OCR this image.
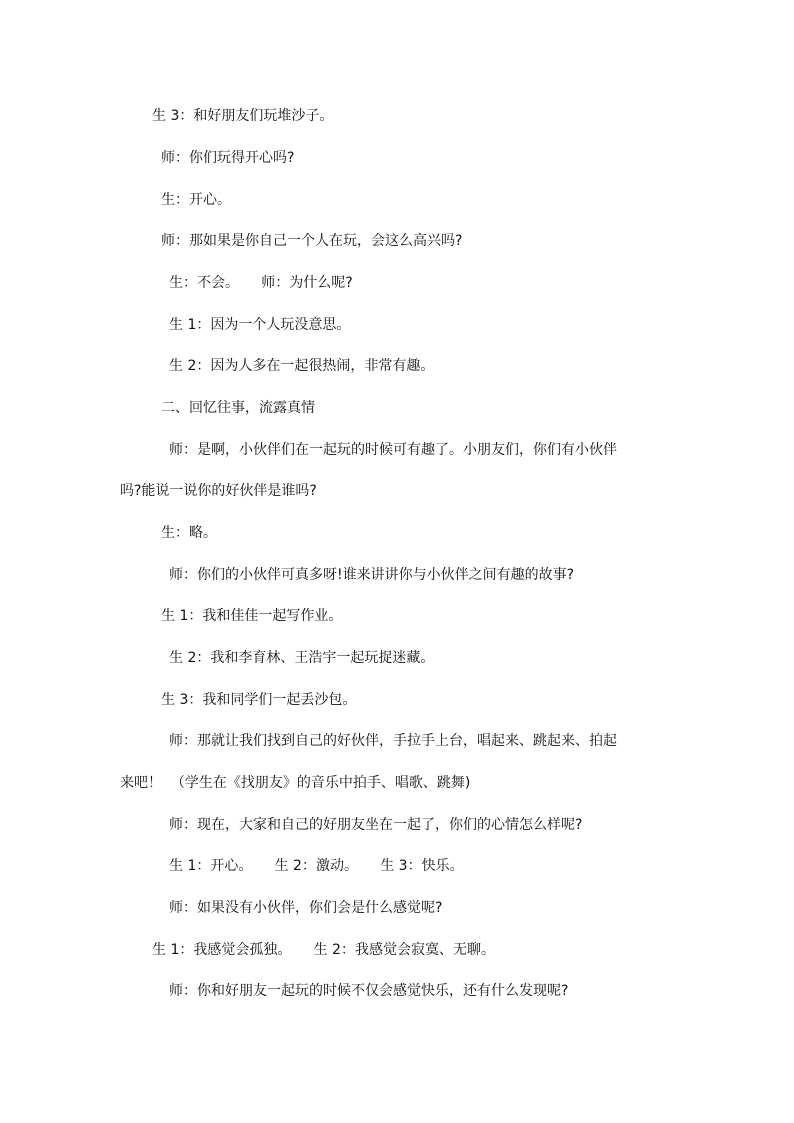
生 3：和好朋友们玩堆沙子。
师：你们玩得开心吗?
生：开心。
师：那如果是你自己一个人在玩，会这么高兴吗?
生：不会。     师：为什么呢?
生 1：因为一个人玩没意思。
生 2：因为人多在一起很热闹，非常有趣。
二、回忆往事，流露真情
师：是啊，小伙伴们在一起玩的时候可有趣了。小朋友们，你们有小伙伴
吗?能说一说你的好伙伴是谁吗?
生：略。
师：你们的小伙伴可真多呀!谁来讲讲你与小伙伴之间有趣的故事?
生 1：我和佳佳一起写作业。
生 2：我和李育林、王浩宇一起玩捉迷藏。
生 3：我和同学们一起丢沙包。
师：那就让我们找到自己的好伙伴，手拉手上台，唱起来、跳起来、拍起
来吧！  （学生在《找朋友》的音乐中拍手、唱歌、跳舞)
师：现在，大家和自己的好朋友坐在一起了，你们的心情怎么样呢?
生 1：开心。     生 2：激动。     生 3：快乐。
师：如果没有小伙伴，你们会是什么感觉呢?
生 1：我感觉会孤独。     生 2：我感觉会寂寞、无聊。
师：你和好朋友一起玩的时候不仅会感觉快乐，还有什么发现呢?
